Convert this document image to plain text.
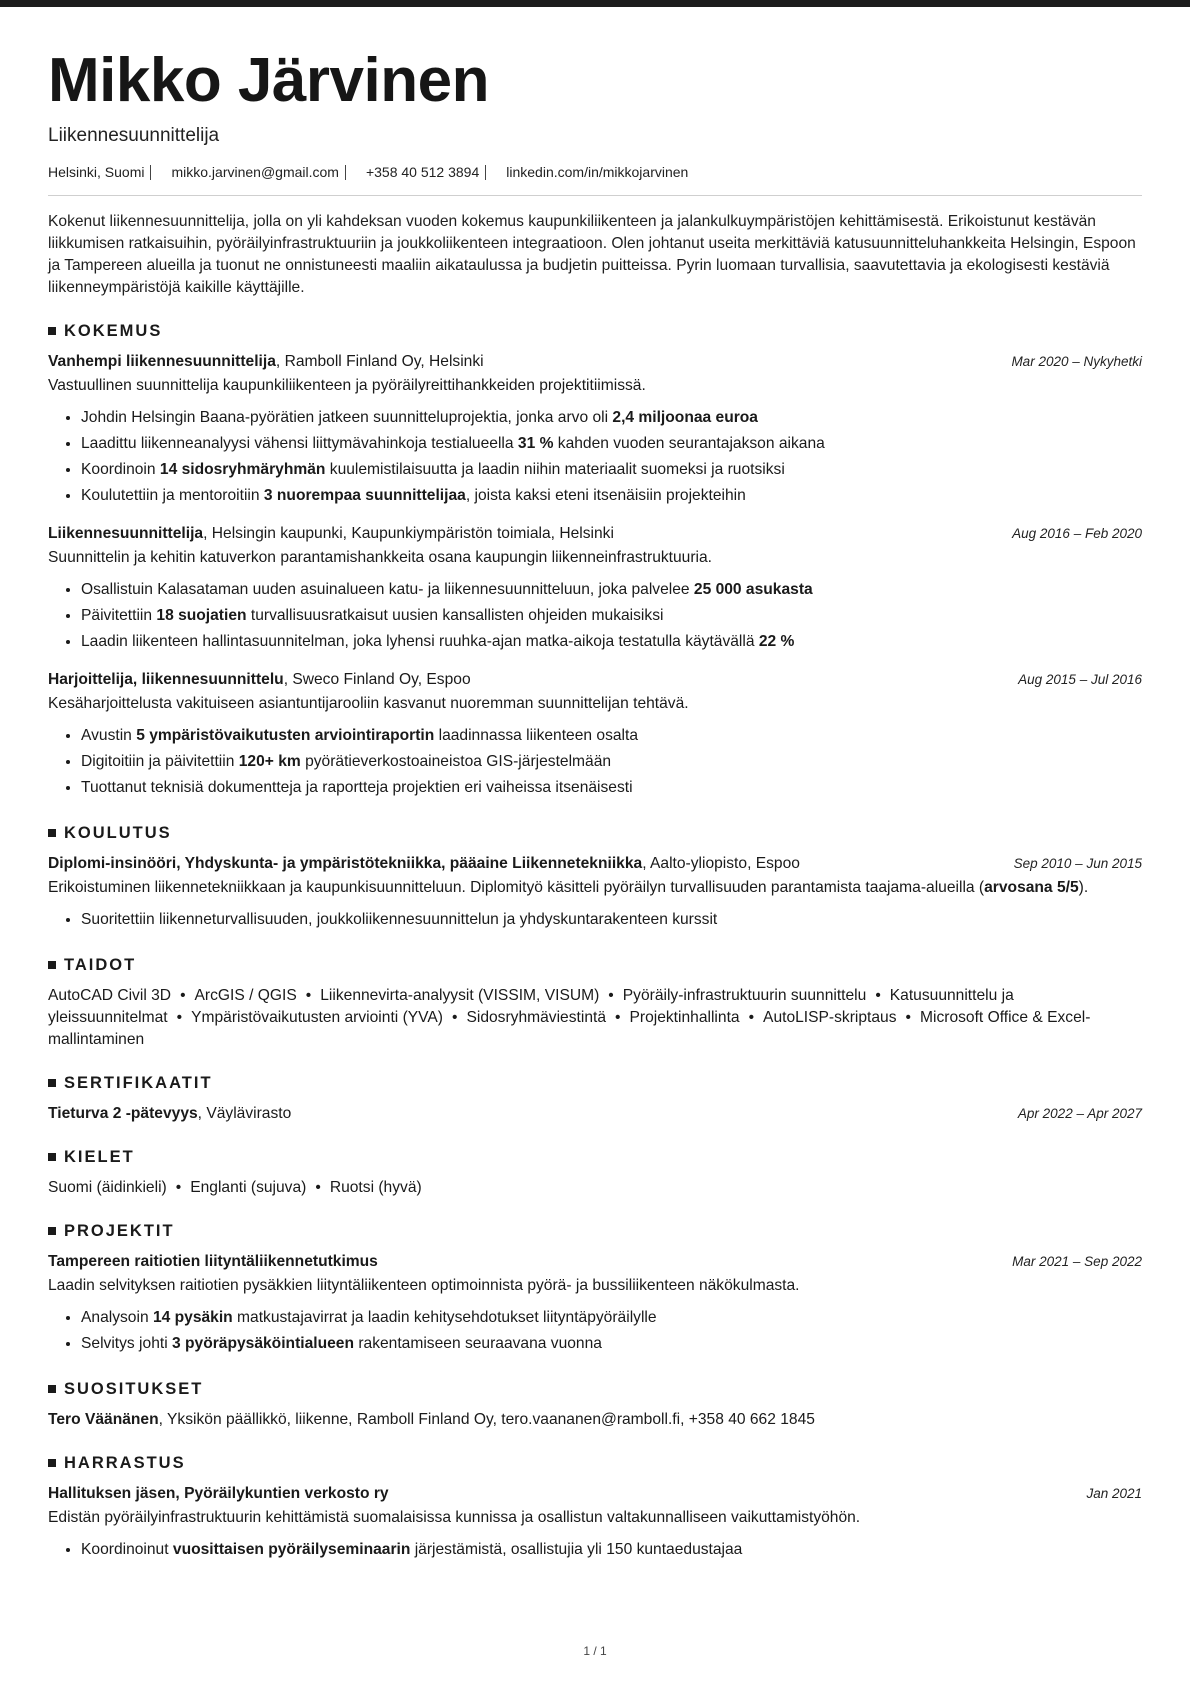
Mikko Järvinen
Liikennesuunnittelija
Helsinki, Suomi mikko.jarvinen@gmail.com +358 40 512 3894 linkedin.com/in/mikkojarvinen
Kokenut liikennesuunnittelija, jolla on yli kahdeksan vuoden kokemus kaupunkiliikenteen ja jalankulkuympäristöjen kehittämisestä. Erikoistunut kestävän liikkumisen ratkaisuihin, pyöräilyinfrastruktuuriin ja joukkoliikenteen integraatioon. Olen johtanut useita merkittäviä katusuunnitteluhankkeita Helsingin, Espoon ja Tampereen alueilla ja tuonut ne onnistuneesti maaliin aikataulussa ja budjetin puitteissa. Pyrin luomaan turvallisia, saavutettavia ja ekologisesti kestäviä liikenneympäristöjä kaikille käyttäjille.
KOKEMUS
Vanhempi liikennesuunnittelija, Ramboll Finland Oy, Helsinki	Mar 2020 – Nykyhetki
Vastuullinen suunnittelija kaupunkiliikenteen ja pyöräilyreittihankkeiden projektitiimissä.
• Johdin Helsingin Baana-pyörätien jatkeen suunnitteluprojektia, jonka arvo oli 2,4 miljoonaa euroa
• Laadittu liikenneanalyysi vähensi liittymävahinkoja testialueella 31 % kahden vuoden seurantajakson aikana
• Koordinoin 14 sidosryhmäryhmän kuulemistilaisuutta ja laadin niihin materiaalit suomeksi ja ruotsiksi
• Koulutettiin ja mentoroitiin 3 nuorempaa suunnittelijaa, joista kaksi eteni itsenäisiin projekteihin
Liikennesuunnittelija, Helsingin kaupunki, Kaupunkiympäristön toimiala, Helsinki	Aug 2016 – Feb 2020
Suunnittelin ja kehitin katuverkon parantamishankkeita osana kaupungin liikenneinfrastruktuuria.
• Osallistuin Kalasataman uuden asuinalueen katu- ja liikennesuunnitteluun, joka palvelee 25 000 asukasta
• Päivitettiin 18 suojatien turvallisuusratkaisut uusien kansallisten ohjeiden mukaisiksi
• Laadin liikenteen hallintasuunnitelman, joka lyhensi ruuhka-ajan matka-aikoja testatulla käytävällä 22 %
Harjoittelija, liikennesuunnittelu, Sweco Finland Oy, Espoo	Aug 2015 – Jul 2016
Kesäharjoittelusta vakituiseen asiantuntijarooliin kasvanut nuoremman suunnittelijan tehtävä.
• Avustin 5 ympäristövaikutusten arviointiraportin laadinnassa liikenteen osalta
• Digitoitiin ja päivitettiin 120+ km pyörätieverkostoaineistoa GIS-järjestelmään
• Tuottanut teknisiä dokumentteja ja raportteja projektien eri vaiheissa itsenäisesti
KOULUTUS
Diplomi-insinööri, Yhdyskunta- ja ympäristötekniikka, pääaine Liikennetekniikka, Aalto-yliopisto, Espoo	Sep 2010 – Jun 2015
Erikoistuminen liikennetekniikkaan ja kaupunkisuunnitteluun. Diplomityö käsitteli pyöräilyn turvallisuuden parantamista taajama-alueilla (arvosana 5/5).
• Suoritettiin liikenneturvallisuuden, joukkoliikennesuunnittelun ja yhdyskuntarakenteen kurssit
TAIDOT
AutoCAD Civil 3D • ArcGIS / QGIS • Liikennevirta-analyysit (VISSIM, VISUM) • Pyöräily-infrastruktuurin suunnittelu • Katusuunnittelu ja yleissuunnitelmat • Ympäristövaikutusten arviointi (YVA) • Sidosryhmäviestintä • Projektinhallinta • AutoLISP-skriptaus • Microsoft Office & Excel-mallintaminen
SERTIFIKAATIT
Tieturva 2 -pätevyys, Väylävirasto	Apr 2022 – Apr 2027
KIELET
Suomi (äidinkieli) • Englanti (sujuva) • Ruotsi (hyvä)
PROJEKTIT
Tampereen raitiotien liityntäliikennetutkimus	Mar 2021 – Sep 2022
Laadin selvityksen raitiotien pysäkkien liityntäliikenteen optimoinnista pyörä- ja bussiliikenteen näkökulmasta.
• Analysoin 14 pysäkin matkustajavirrat ja laadin kehitysehdotukset liityntäpyöräilylle
• Selvitys johti 3 pyöräpysäköintialueen rakentamiseen seuraavana vuonna
SUOSITUKSET
Tero Väänänen, Yksikön päällikkö, liikenne, Ramboll Finland Oy, tero.vaananen@ramboll.fi, +358 40 662 1845
HARRASTUS
Hallituksen jäsen, Pyöräilykuntien verkosto ry	Jan 2021
Edistän pyöräilyinfrastruktuurin kehittämistä suomalaisissa kunnissa ja osallistun valtakunnalliseen vaikuttamistyöhön.
• Koordinoinut vuosittaisen pyöräilyseminaarin järjestämistä, osallistujia yli 150 kuntaedustajaa
1 / 1
